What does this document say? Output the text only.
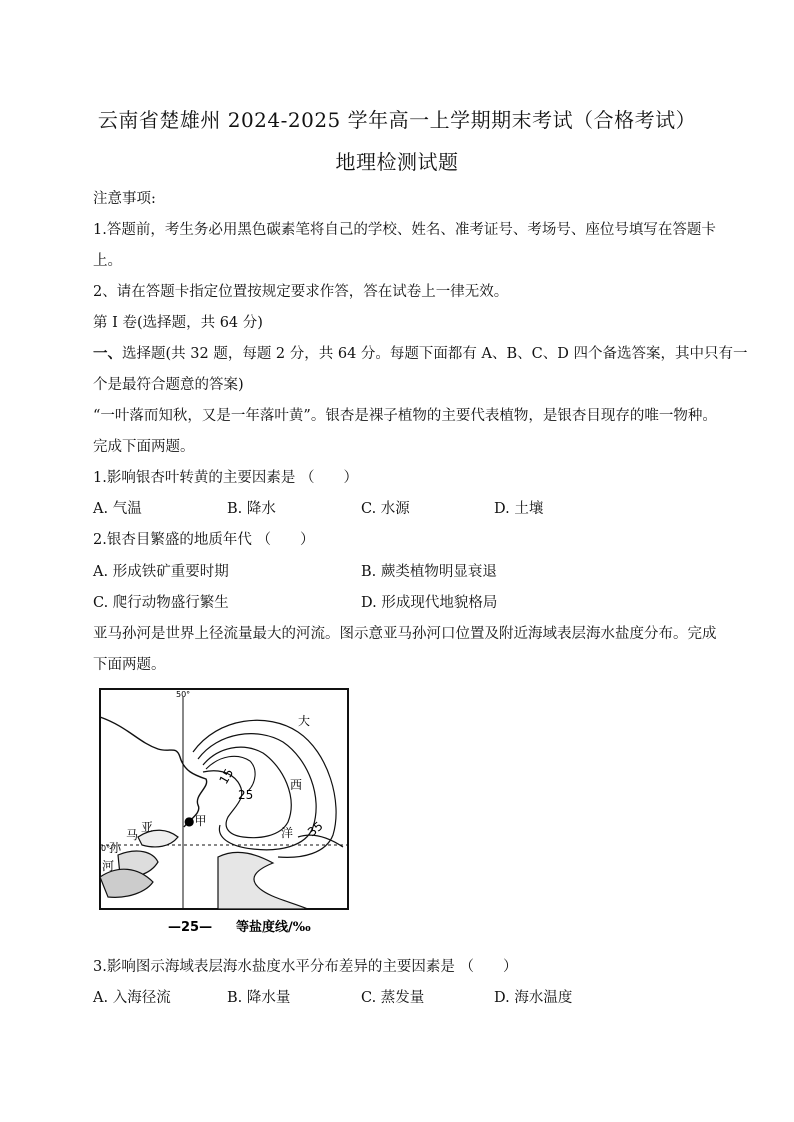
云南省楚雄州 2024-2025 学年高一上学期期末考试（合格考试）
地理检测试题
注意事项:
1.答题前，考生务必用黑色碳素笔将自己的学校、姓名、准考证号、考场号、座位号填写在答题卡
上。
2、请在答题卡指定位置按规定要求作答，答在试卷上一律无效。
第 I 卷(选择题，共 64 分)
一、选择题(共 32 题，每题 2 分，共 64 分。每题下面都有 A、B、C、D 四个备选答案，其中只有一
个是最符合题意的答案)
“一叶落而知秋，又是一年落叶黄”。银杏是裸子植物的主要代表植物，是银杏目现存的唯一物种。
完成下面两题。
1.影响银杏叶转黄的主要因素是 （　　）
A. 气温	B. 降水	C. 水源	D. 土壤
2.银杏目繁盛的地质年代 （　　）
A. 形成铁矿重要时期	B. 蕨类植物明显衰退
C. 爬行动物盛行繁生	D. 形成现代地貌格局
亚马孙河是世界上径流量最大的河流。图示意亚马孙河口位置及附近海域表层海水盐度分布。完成
下面两题。
50°
0°
大
西
洋
亚
马
孙
河
●甲
15
25
35
—25— 等盐度线/‰
3.影响图示海域表层海水盐度水平分布差异的主要因素是 （　　）
A. 入海径流	B. 降水量	C. 蒸发量	D. 海水温度
